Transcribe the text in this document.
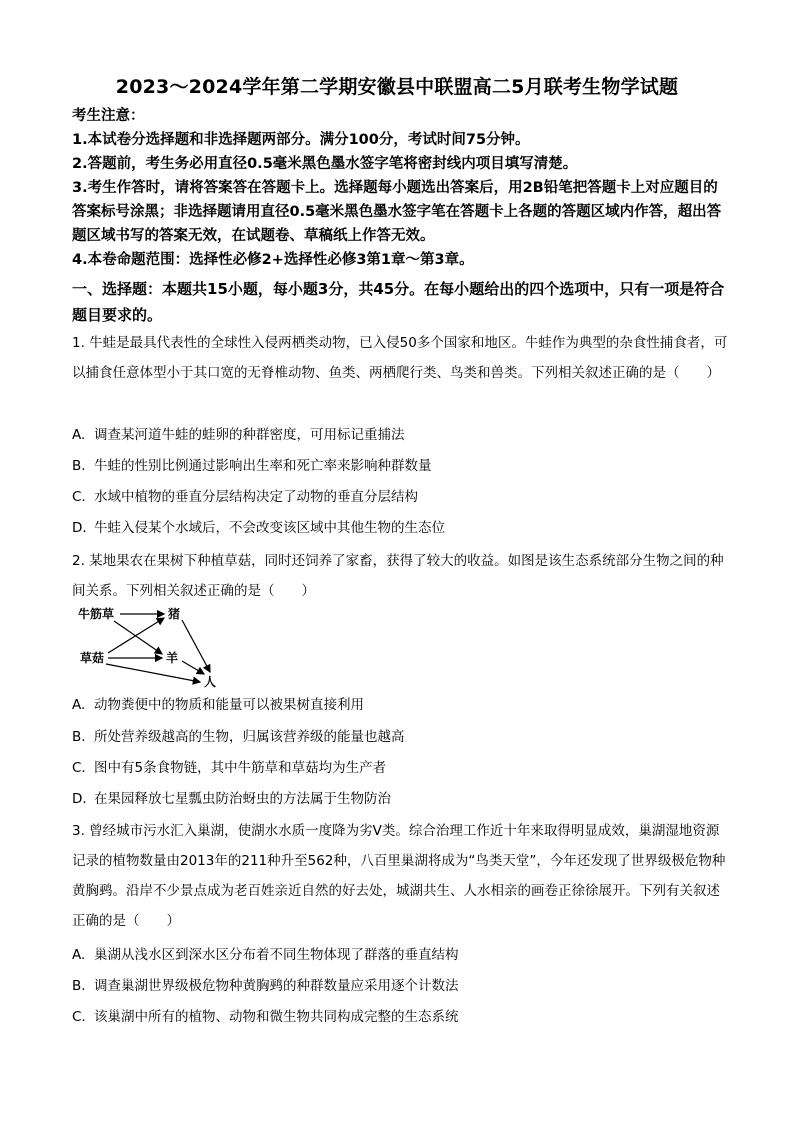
2023～2024学年第二学期安徽县中联盟高二5月联考生物学试题

考生注意：

1.本试卷分选择题和非选择题两部分。满分100分，考试时间75分钟。

2.答题前，考生务必用直径0.5毫米黑色墨水签字笔将密封线内项目填写清楚。

3.考生作答时，请将答案答在答题卡上。选择题每小题选出答案后，用2B铅笔把答题卡上对应题目的答案标号涂黑；非选择题请用直径0.5毫米黑色墨水签字笔在答题卡上各题的答题区域内作答，超出答题区域书写的答案无效，在试题卷、草稿纸上作答无效。

4.本卷命题范围：选择性必修2+选择性必修3第1章～第3章。

一、选择题：本题共15小题，每小题3分，共45分。在每小题给出的四个选项中，只有一项是符合题目要求的。

1. 牛蛙是最具代表性的全球性入侵两栖类动物，已入侵50多个国家和地区。牛蛙作为典型的杂食性捕食者，可以捕食任意体型小于其口宽的无脊椎动物、鱼类、两栖爬行类、鸟类和兽类。下列相关叙述正确的是（　　）

A. 调查某河道牛蛙的蛙卵的种群密度，可用标记重捕法
B. 牛蛙的性别比例通过影响出生率和死亡率来影响种群数量
C. 水域中植物的垂直分层结构决定了动物的垂直分层结构
D. 牛蛙入侵某个水域后，不会改变该区域中其他生物的生态位

2. 某地果农在果树下种植草菇，同时还饲养了家畜，获得了较大的收益。如图是该生态系统部分生物之间的种间关系。下列相关叙述正确的是（　　）

牛筋草	猪
草菇	羊
人
A. 动物粪便中的物质和能量可以被果树直接利用
B. 所处营养级越高的生物，归属该营养级的能量也越高
C. 图中有5条食物链，其中牛筋草和草菇均为生产者
D. 在果园释放七星瓢虫防治蚜虫的方法属于生物防治

3. 曾经城市污水汇入巢湖，使湖水水质一度降为劣Ⅴ类。综合治理工作近十年来取得明显成效，巢湖湿地资源记录的植物数量由2013年的211种升至562种，八百里巢湖将成为“鸟类天堂”，今年还发现了世界级极危物种黄胸鹀。沿岸不少景点成为老百姓亲近自然的好去处，城湖共生、人水相亲的画卷正徐徐展开。下列有关叙述正确的是（　　）

A. 巢湖从浅水区到深水区分布着不同生物体现了群落的垂直结构
B. 调查巢湖世界级极危物种黄胸鹀的种群数量应采用逐个计数法
C. 该巢湖中所有的植物、动物和微生物共同构成完整的生态系统
